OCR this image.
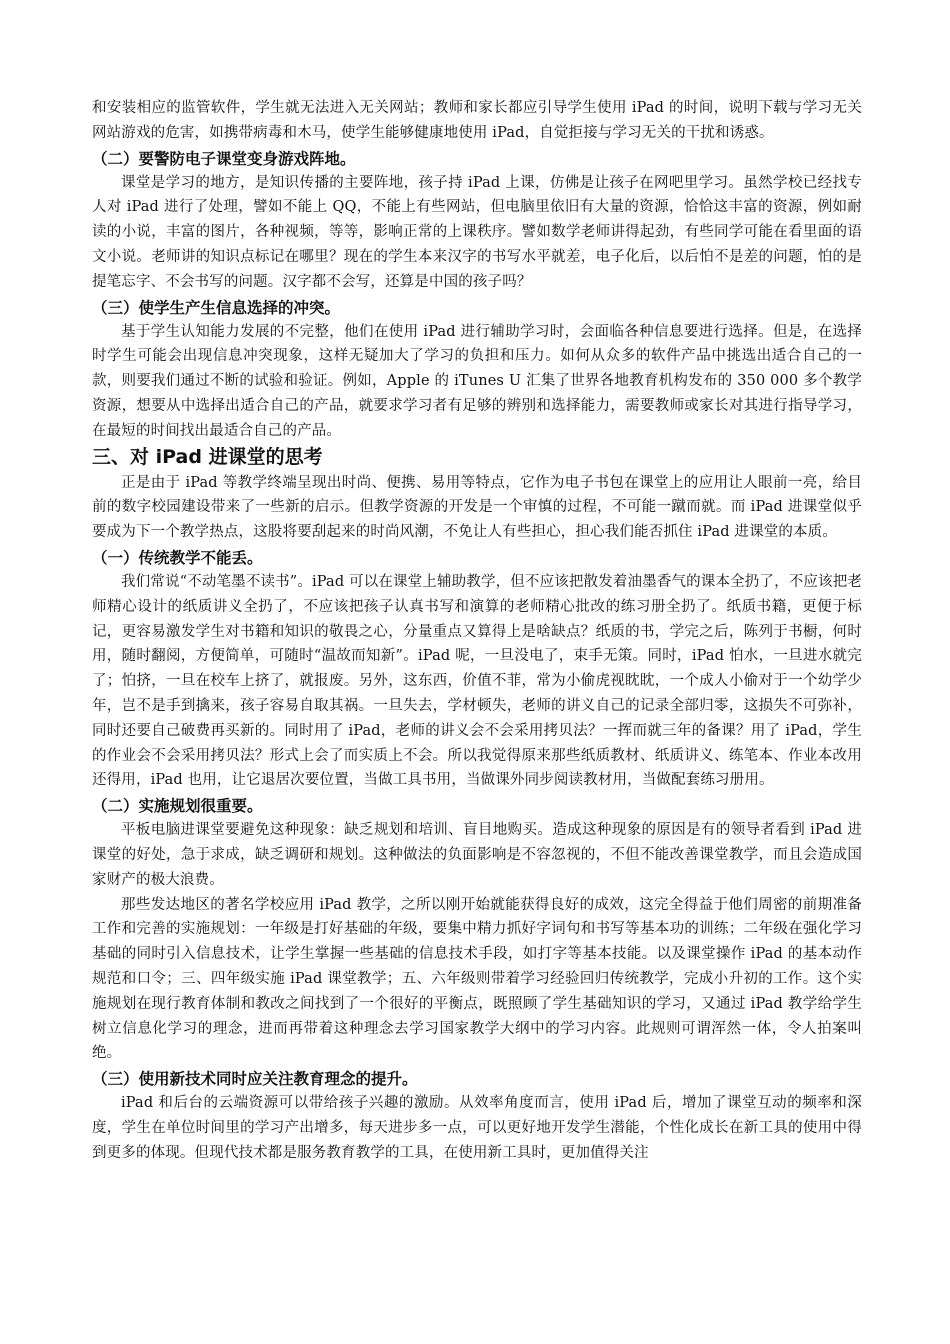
和安装相应的监管软件，学生就无法进入无关网站；教师和家长都应引导学生使用 iPad 的时间，说明下载与学习无关网站游戏的危害，如携带病毒和木马，使学生能够健康地使用 iPad，自觉拒接与学习无关的干扰和诱惑。

（二）要警防电子课堂变身游戏阵地。

课堂是学习的地方，是知识传播的主要阵地，孩子持 iPad 上课，仿佛是让孩子在网吧里学习。虽然学校已经找专人对 iPad 进行了处理，譬如不能上 QQ，不能上有些网站，但电脑里依旧有大量的资源，恰恰这丰富的资源，例如耐读的小说，丰富的图片，各种视频，等等，影响正常的上课秩序。譬如数学老师讲得起劲，有些同学可能在看里面的语文小说。老师讲的知识点标记在哪里？现在的学生本来汉字的书写水平就差，电子化后，以后怕不是差的问题，怕的是提笔忘字、不会书写的问题。汉字都不会写，还算是中国的孩子吗？

（三）使学生产生信息选择的冲突。

基于学生认知能力发展的不完整，他们在使用 iPad 进行辅助学习时，会面临各种信息要进行选择。但是，在选择时学生可能会出现信息冲突现象，这样无疑加大了学习的负担和压力。如何从众多的软件产品中挑选出适合自己的一款，则要我们通过不断的试验和验证。例如，Apple 的 iTunes U 汇集了世界各地教育机构发布的 350 000 多个教学资源，想要从中选择出适合自己的产品，就要求学习者有足够的辨别和选择能力，需要教师或家长对其进行指导学习，在最短的时间找出最适合自己的产品。

三、对 iPad 进课堂的思考

正是由于 iPad 等教学终端呈现出时尚、便携、易用等特点，它作为电子书包在课堂上的应用让人眼前一亮，给目前的数字校园建设带来了一些新的启示。但教学资源的开发是一个审慎的过程，不可能一蹴而就。而 iPad 进课堂似乎要成为下一个教学热点，这股将要刮起来的时尚风潮，不免让人有些担心，担心我们能否抓住 iPad 进课堂的本质。

（一）传统教学不能丢。

我们常说“不动笔墨不读书”。iPad 可以在课堂上辅助教学，但不应该把散发着油墨香气的课本全扔了，不应该把老师精心设计的纸质讲义全扔了，不应该把孩子认真书写和演算的老师精心批改的练习册全扔了。纸质书籍，更便于标记，更容易激发学生对书籍和知识的敬畏之心，分量重点又算得上是啥缺点？纸质的书，学完之后，陈列于书橱，何时用，随时翻阅，方便简单，可随时“温故而知新”。iPad 呢，一旦没电了，束手无策。同时，iPad 怕水，一旦进水就完了；怕挤，一旦在校车上挤了，就报废。另外，这东西，价值不菲，常为小偷虎视眈眈，一个成人小偷对于一个幼学少年，岂不是手到擒来，孩子容易自取其祸。一旦失去，学材顿失，老师的讲义自己的记录全部归零，这损失不可弥补，同时还要自己破费再买新的。同时用了 iPad，老师的讲义会不会采用拷贝法？一挥而就三年的备课？用了 iPad，学生的作业会不会采用拷贝法？形式上会了而实质上不会。所以我觉得原来那些纸质教材、纸质讲义、练笔本、作业本改用还得用，iPad 也用，让它退居次要位置，当做工具书用，当做课外同步阅读教材用，当做配套练习册用。

（二）实施规划很重要。

平板电脑进课堂要避免这种现象：缺乏规划和培训、盲目地购买。造成这种现象的原因是有的领导者看到 iPad 进课堂的好处，急于求成，缺乏调研和规划。这种做法的负面影响是不容忽视的，不但不能改善课堂教学，而且会造成国家财产的极大浪费。

那些发达地区的著名学校应用 iPad 教学，之所以刚开始就能获得良好的成效，这完全得益于他们周密的前期准备工作和完善的实施规划：一年级是打好基础的年级，要集中精力抓好字词句和书写等基本功的训练；二年级在强化学习基础的同时引入信息技术，让学生掌握一些基础的信息技术手段，如打字等基本技能。以及课堂操作 iPad 的基本动作规范和口令；三、四年级实施 iPad 课堂教学；五、六年级则带着学习经验回归传统教学，完成小升初的工作。这个实施规划在现行教育体制和教改之间找到了一个很好的平衡点，既照顾了学生基础知识的学习，又通过 iPad 教学给学生树立信息化学习的理念，进而再带着这种理念去学习国家教学大纲中的学习内容。此规则可谓浑然一体，令人拍案叫绝。

（三）使用新技术同时应关注教育理念的提升。

iPad 和后台的云端资源可以带给孩子兴趣的激励。从效率角度而言，使用 iPad 后，增加了课堂互动的频率和深度，学生在单位时间里的学习产出增多，每天进步多一点，可以更好地开发学生潜能，个性化成长在新工具的使用中得到更多的体现。但现代技术都是服务教育教学的工具，在使用新工具时，更加值得关注
